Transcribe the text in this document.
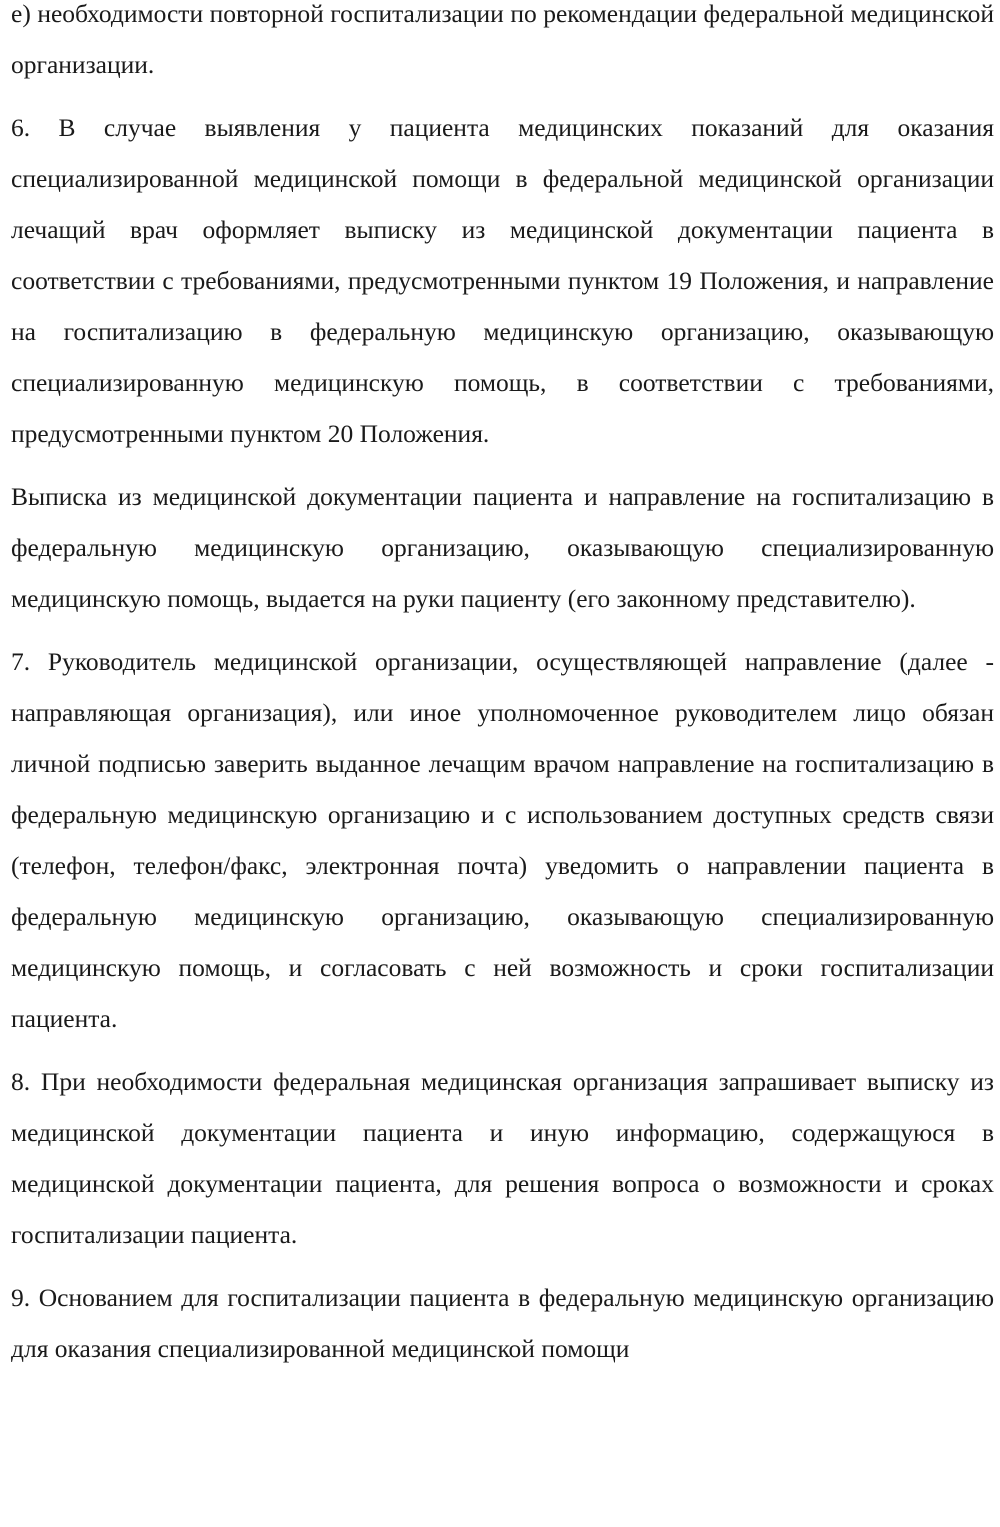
е) необходимости повторной госпитализации по рекомендации федеральной медицинской организации.

6. В случае выявления у пациента медицинских показаний для оказания специализированной медицинской помощи в федеральной медицинской организации лечащий врач оформляет выписку из медицинской документации пациента в соответствии с требованиями, предусмотренными пунктом 19 Положения, и направление на госпитализацию в федеральную медицинскую организацию, оказывающую специализированную медицинскую помощь, в соответствии с требованиями, предусмотренными пунктом 20 Положения.

Выписка из медицинской документации пациента и направление на госпитализацию в федеральную медицинскую организацию, оказывающую специализированную медицинскую помощь, выдается на руки пациенту (его законному представителю).

7. Руководитель медицинской организации, осуществляющей направление (далее - направляющая организация), или иное уполномоченное руководителем лицо обязан личной подписью заверить выданное лечащим врачом направление на госпитализацию в федеральную медицинскую организацию и с использованием доступных средств связи (телефон, телефон/факс, электронная почта) уведомить о направлении пациента в федеральную медицинскую организацию, оказывающую специализированную медицинскую помощь, и согласовать с ней возможность и сроки госпитализации пациента.

8. При необходимости федеральная медицинская организация запрашивает выписку из медицинской документации пациента и иную информацию, содержащуюся в медицинской документации пациента, для решения вопроса о возможности и сроках госпитализации пациента.

9. Основанием для госпитализации пациента в федеральную медицинскую организацию для оказания специализированной медицинской помощи
